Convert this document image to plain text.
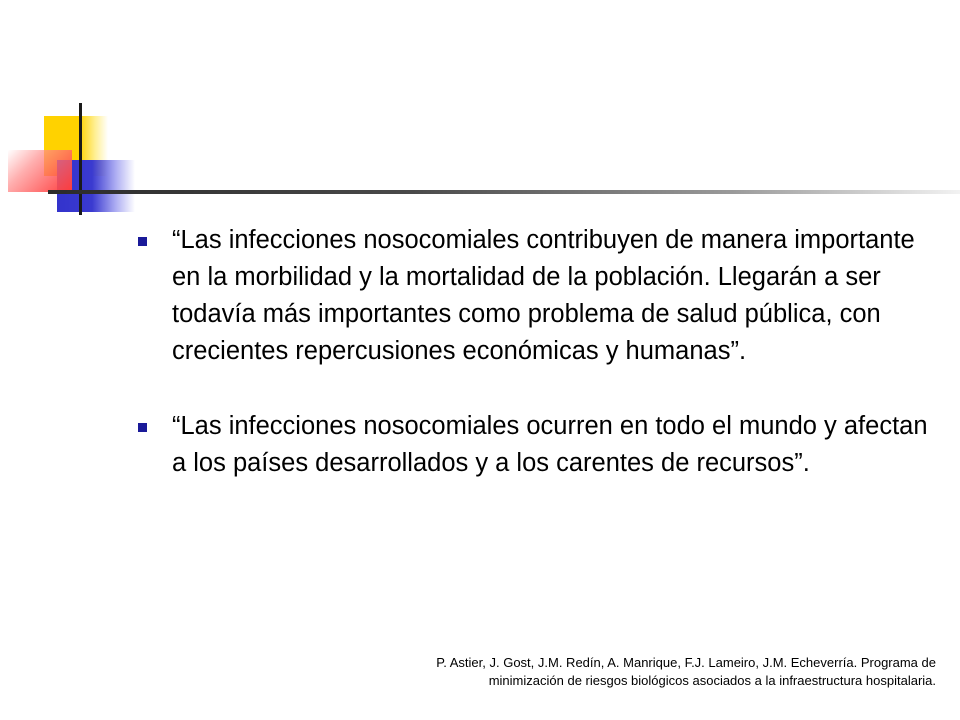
“Las infecciones nosocomiales contribuyen de manera importante en la morbilidad y la mortalidad de la población. Llegarán a ser todavía más importantes como problema de salud pública, con crecientes repercusiones económicas y humanas”.
“Las infecciones nosocomiales ocurren en todo el mundo y afectan a los países desarrollados y a los carentes de recursos”.
P. Astier, J. Gost, J.M. Redín, A. Manrique, F.J. Lameiro, J.M. Echeverría. Programa de
minimización de riesgos biológicos asociados a la infraestructura hospitalaria.
